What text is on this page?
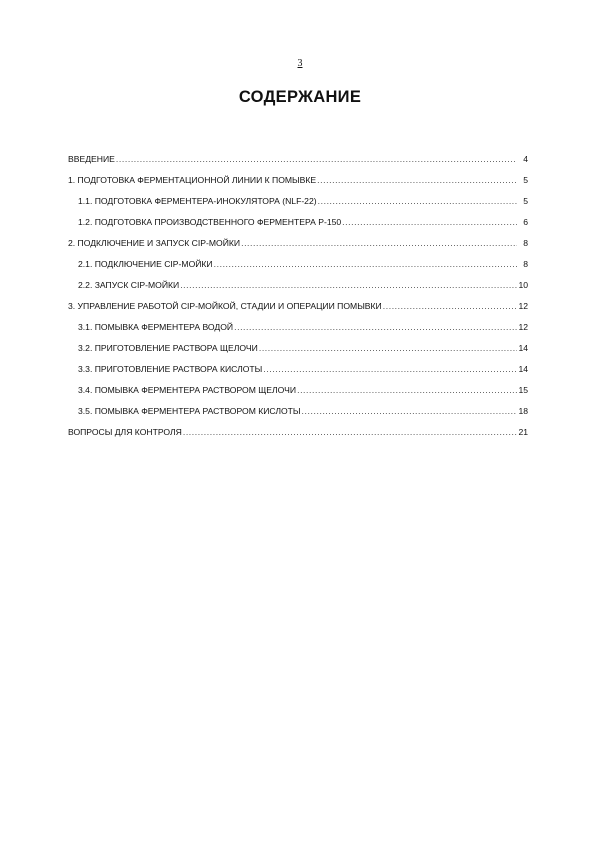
3
СОДЕРЖАНИЕ
ВВЕДЕНИЕ .....	4
1. ПОДГОТОВКА ФЕРМЕНТАЦИОННОЙ ЛИНИИ К ПОМЫВКЕ .....	5
1.1. ПОДГОТОВКА ФЕРМЕНТЕРА-ИНОКУЛЯТОРА (NLF-22) .....	5
1.2. ПОДГОТОВКА ПРОИЗВОДСТВЕННОГО ФЕРМЕНТЕРА Р-150 .....	6
2. ПОДКЛЮЧЕНИЕ И ЗАПУСК CIP-МОЙКИ .....	8
2.1. ПОДКЛЮЧЕНИЕ CIP-МОЙКИ .....	8
2.2. ЗАПУСК CIP-МОЙКИ .....	10
3. УПРАВЛЕНИЕ РАБОТОЙ CIP-МОЙКОЙ, СТАДИИ И ОПЕРАЦИИ ПОМЫВКИ .....	12
3.1. ПОМЫВКА ФЕРМЕНТЕРА ВОДОЙ .....	12
3.2. ПРИГОТОВЛЕНИЕ РАСТВОРА ЩЕЛОЧИ .....	14
3.3. ПРИГОТОВЛЕНИЕ РАСТВОРА КИСЛОТЫ .....	14
3.4. ПОМЫВКА ФЕРМЕНТЕРА РАСТВОРОМ ЩЕЛОЧИ .....	15
3.5. ПОМЫВКА ФЕРМЕНТЕРА РАСТВОРОМ КИСЛОТЫ .....	18
ВОПРОСЫ ДЛЯ КОНТРОЛЯ .....	21
